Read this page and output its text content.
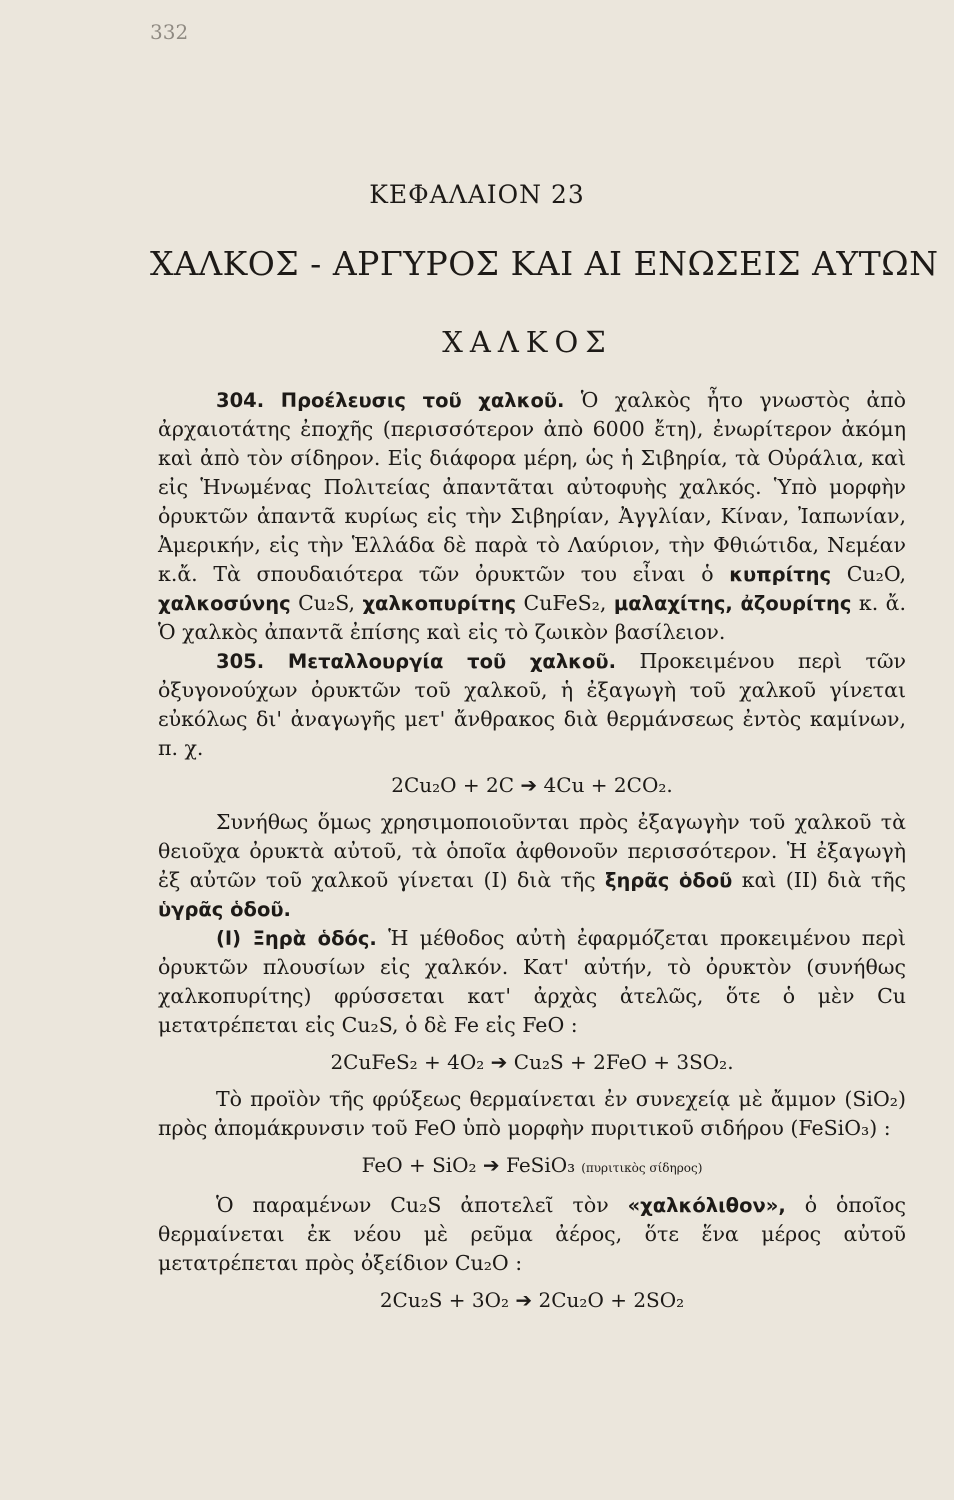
332
ΚΕΦΑΛΑΙΟΝ 23
ΧΑΛΚΟΣ - ΑΡΓΥΡΟΣ ΚΑΙ ΑΙ ΕΝΩΣΕΙΣ ΑΥΤΩΝ
ΧΑΛΚΟΣ

304. Προέλευσις τοῦ χαλκοῦ. Ὁ χαλκὸς ἦτο γνωστὸς ἀπὸ ἀρχαιοτάτης ἐποχῆς (περισσότερον ἀπὸ 6000 ἔτη), ἐνωρίτερον ἀκόμη καὶ ἀπὸ τὸν σίδηρον. Εἰς διάφορα μέρη, ὡς ἡ Σιβηρία, τὰ Οὐράλια, καὶ εἰς Ἡνωμένας Πολιτείας ἀπαντᾶται αὐτοφυὴς χαλκός. Ὑπὸ μορφὴν ὀρυκτῶν ἀπαντᾶ κυρίως εἰς τὴν Σιβηρίαν, Ἀγγλίαν, Κίναν, Ἰαπωνίαν, Ἀμερικήν, εἰς τὴν Ἑλλάδα δὲ παρὰ τὸ Λαύριον, τὴν Φθιώτιδα, Νεμέαν κ.ἄ. Τὰ σπουδαιότερα τῶν ὀρυκτῶν του εἶναι ὁ κυπρίτης Cu₂O, χαλκοσύνης Cu₂S, χαλκοπυρίτης CuFeS₂, μαλαχίτης, ἀζουρίτης κ. ἄ. Ὁ χαλκὸς ἀπαντᾶ ἐπίσης καὶ εἰς τὸ ζωικὸν βασίλειον.

305. Μεταλλουργία τοῦ χαλκοῦ. Προκειμένου περὶ τῶν ὀξυγονούχων ὀρυκτῶν τοῦ χαλκοῦ, ἡ ἐξαγωγὴ τοῦ χαλκοῦ γίνεται εὐκόλως δι' ἀναγωγῆς μετ' ἄνθρακος διὰ θερμάνσεως ἐντὸς καμίνων, π. χ.

2Cu₂O + 2C ➔ 4Cu + 2CO₂.

Συνήθως ὅμως χρησιμοποιοῦνται πρὸς ἐξαγωγὴν τοῦ χαλκοῦ τὰ θειοῦχα ὀρυκτὰ αὐτοῦ, τὰ ὁποῖα ἀφθονοῦν περισσότερον. Ἡ ἐξαγωγὴ ἐξ αὐτῶν τοῦ χαλκοῦ γίνεται (Ι) διὰ τῆς ξηρᾶς ὁδοῦ καὶ (ΙΙ) διὰ τῆς ὑγρᾶς ὁδοῦ.

(Ι) Ξηρὰ ὁδός. Ἡ μέθοδος αὐτὴ ἐφαρμόζεται προκειμένου περὶ ὀρυκτῶν πλουσίων εἰς χαλκόν. Κατ' αὐτήν, τὸ ὀρυκτὸν (συνήθως χαλκοπυρίτης) φρύσσεται κατ' ἀρχὰς ἀτελῶς, ὅτε ὁ μὲν Cu μετατρέπεται εἰς Cu₂S, ὁ δὲ Fe εἰς FeO :

2CuFeS₂ + 4O₂ ➔ Cu₂S + 2FeO + 3SO₂.

Τὸ προϊὸν τῆς φρύξεως θερμαίνεται ἐν συνεχείᾳ μὲ ἄμμον (SiO₂) πρὸς ἀπομάκρυνσιν τοῦ FeO ὑπὸ μορφὴν πυριτικοῦ σιδήρου (FeSiO₃) :

FeO + SiO₂ ➔ FeSiO₃ (πυριτικὸς σίδηρος)

Ὁ παραμένων Cu₂S ἀποτελεῖ τὸν «χαλκόλιθον», ὁ ὁποῖος θερμαίνεται ἐκ νέου μὲ ρεῦμα ἀέρος, ὅτε ἕνα μέρος αὐτοῦ μετατρέπεται πρὸς ὀξείδιον Cu₂O :

2Cu₂S + 3O₂ ➔ 2Cu₂O + 2SO₂
